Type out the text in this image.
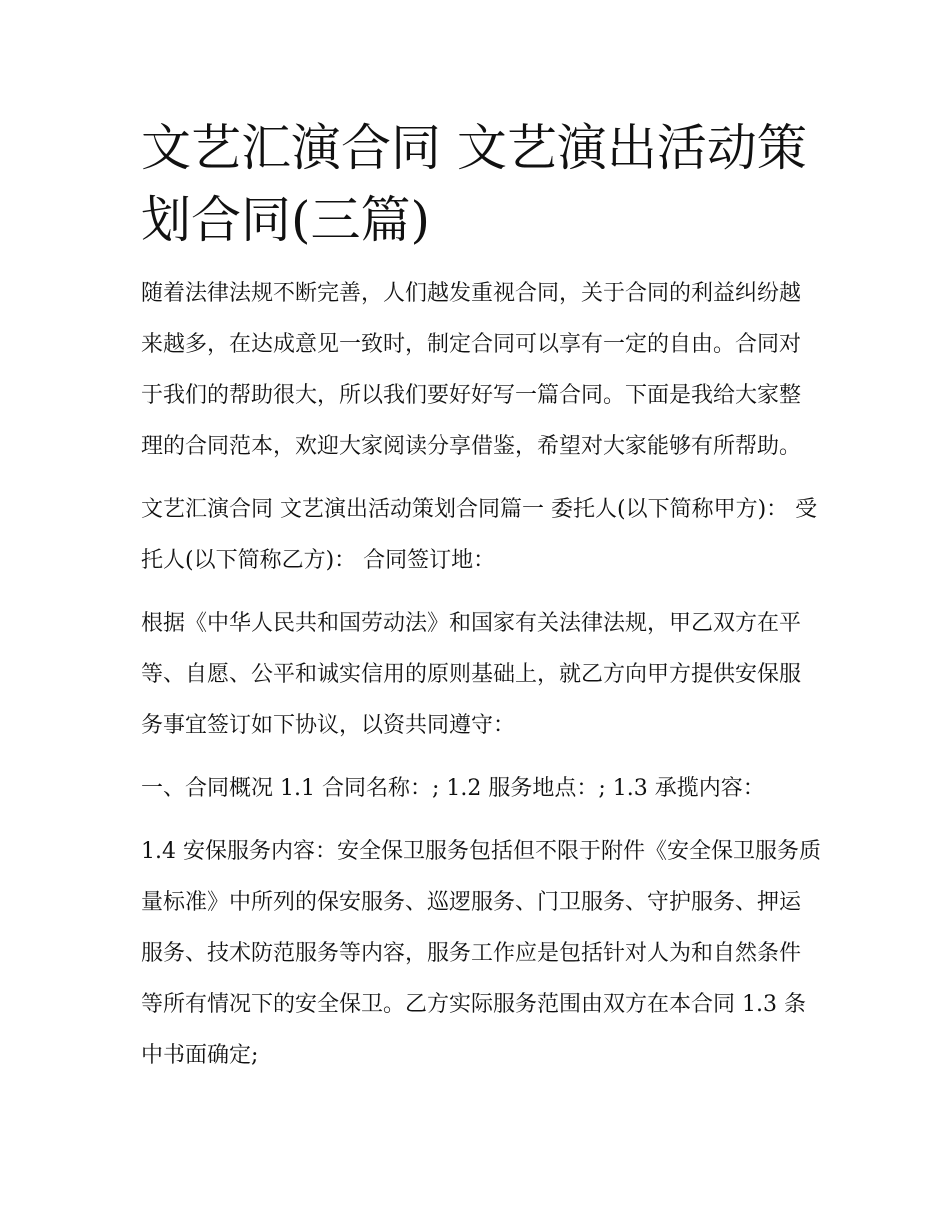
文艺汇演合同 文艺演出活动策划合同(三篇)

随着法律法规不断完善，人们越发重视合同，关于合同的利益纠纷越来越多，在达成意见一致时，制定合同可以享有一定的自由。合同对于我们的帮助很大，所以我们要好好写一篇合同。下面是我给大家整理的合同范本，欢迎大家阅读分享借鉴，希望对大家能够有所帮助。

文艺汇演合同 文艺演出活动策划合同篇一 委托人(以下简称甲方)： 受托人(以下简称乙方)： 合同签订地：

根据《中华人民共和国劳动法》和国家有关法律法规，甲乙双方在平等、自愿、公平和诚实信用的原则基础上，就乙方向甲方提供安保服务事宜签订如下协议，以资共同遵守：

一、合同概况 1.1 合同名称：; 1.2 服务地点：; 1.3 承揽内容：

1.4 安保服务内容：安全保卫服务包括但不限于附件《安全保卫服务质量标准》中所列的保安服务、巡逻服务、门卫服务、守护服务、押运服务、技术防范服务等内容，服务工作应是包括针对人为和自然条件等所有情况下的安全保卫。乙方实际服务范围由双方在本合同 1.3 条中书面确定;
